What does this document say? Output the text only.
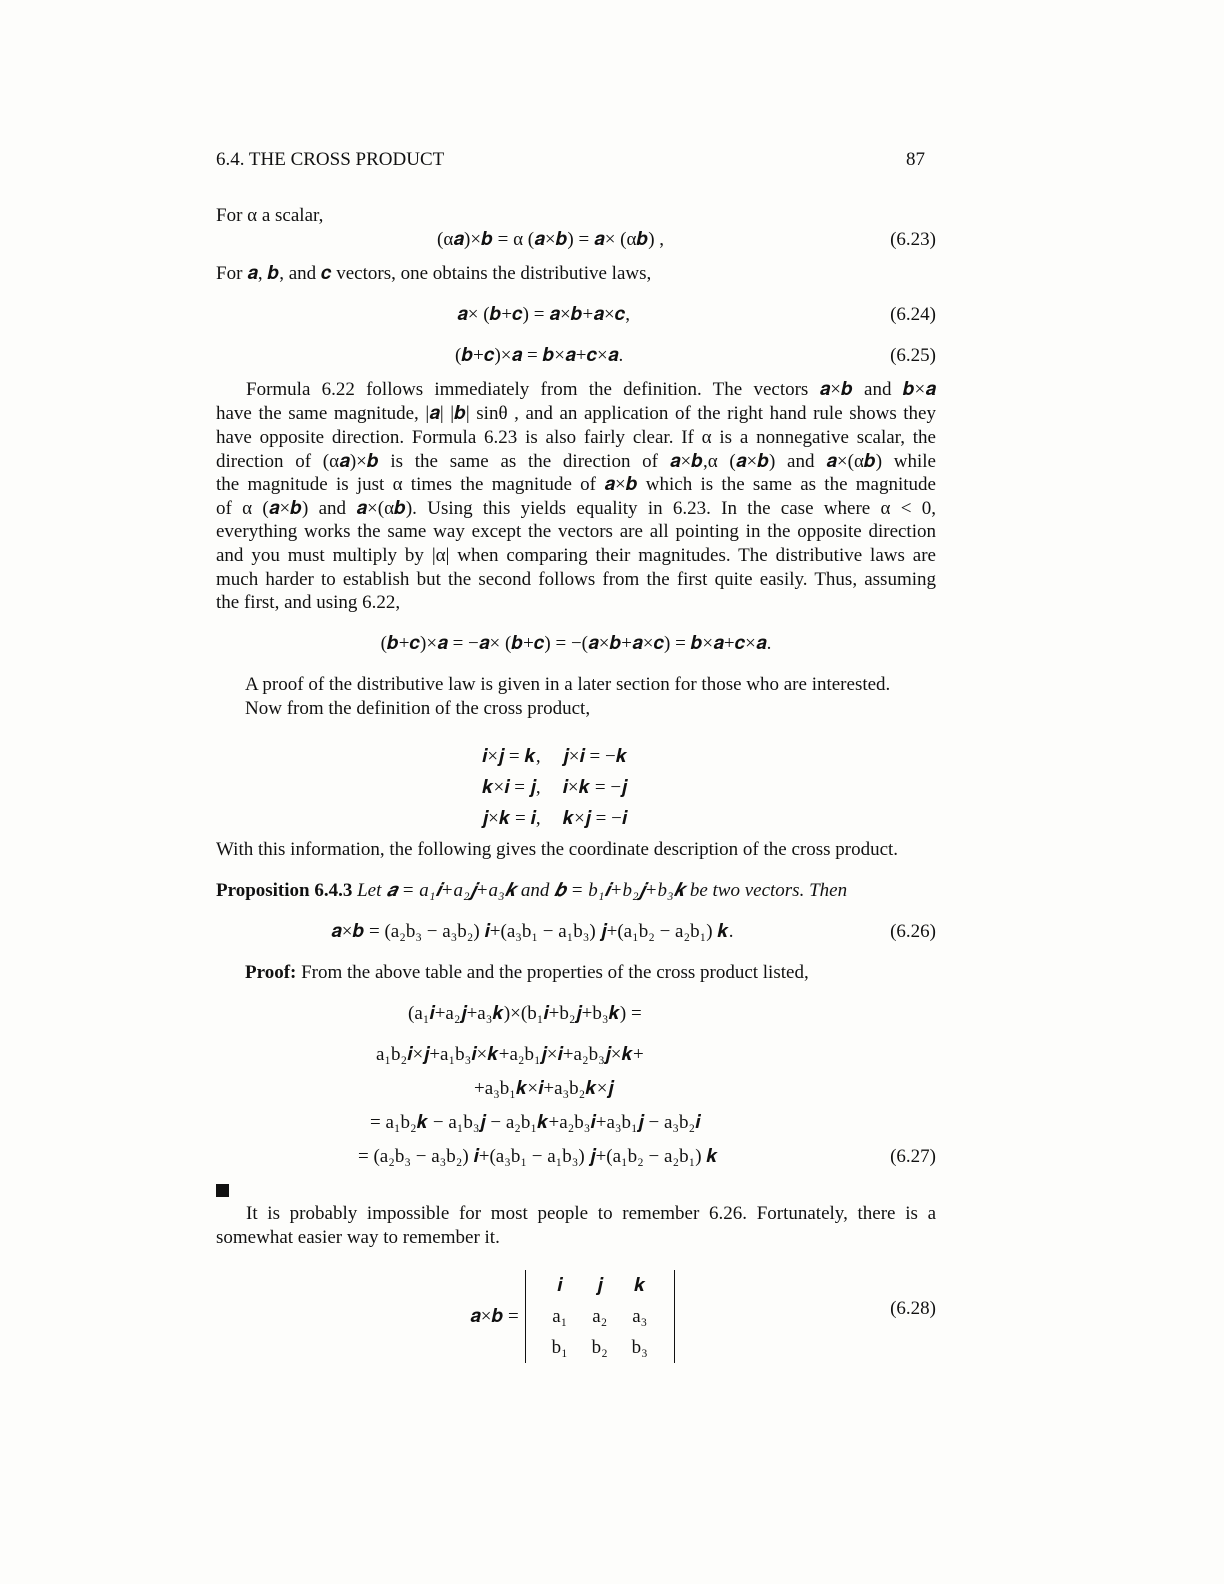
6.4. THE CROSS PRODUCT	87
For α a scalar,
(α𝒂)×𝒃 = α (𝒂×𝒃) = 𝒂× (α𝒃) ,	(6.23)
For 𝒂, 𝒃, and 𝒄 vectors, one obtains the distributive laws,
𝒂× (𝒃+𝒄) = 𝒂×𝒃+𝒂×𝒄,	(6.24)
(𝒃+𝒄)×𝒂 = 𝒃×𝒂+𝒄×𝒂.	(6.25)
Formula 6.22 follows immediately from the definition. The vectors 𝒂×𝒃 and 𝒃×𝒂
have the same magnitude, |𝒂| |𝒃| sinθ , and an application of the right hand rule shows they
have opposite direction. Formula 6.23 is also fairly clear. If α is a nonnegative scalar, the
direction of (α𝒂)×𝒃 is the same as the direction of 𝒂×𝒃,α (𝒂×𝒃) and 𝒂×(α𝒃) while
the magnitude is just α times the magnitude of 𝒂×𝒃 which is the same as the magnitude
of α (𝒂×𝒃) and 𝒂×(α𝒃). Using this yields equality in 6.23. In the case where α < 0,
everything works the same way except the vectors are all pointing in the opposite direction
and you must multiply by |α| when comparing their magnitudes. The distributive laws are
much harder to establish but the second follows from the first quite easily. Thus, assuming
the first, and using 6.22,
(𝒃+𝒄)×𝒂 = −𝒂× (𝒃+𝒄) = −(𝒂×𝒃+𝒂×𝒄) = 𝒃×𝒂+𝒄×𝒂.
A proof of the distributive law is given in a later section for those who are interested.
Now from the definition of the cross product,
𝒊×𝒋 = 𝒌,	𝒋×𝒊 = −𝒌
𝒌×𝒊 = 𝒋,	𝒊×𝒌 = −𝒋
𝒋×𝒌 = 𝒊,	𝒌×𝒋 = −𝒊
With this information, the following gives the coordinate description of the cross product.
Proposition 6.4.3 Let 𝒂 = a₁𝒊+a₂𝒋+a₃𝒌 and 𝒃 = b₁𝒊+b₂𝒋+b₃𝒌 be two vectors. Then
𝒂×𝒃 = (a₂b₃ − a₃b₂) 𝒊+(a₃b₁ − a₁b₃) 𝒋+(a₁b₂ − a₂b₁) 𝒌.	(6.26)
Proof: From the above table and the properties of the cross product listed,
(a₁𝒊+a₂𝒋+a₃𝒌)×(b₁𝒊+b₂𝒋+b₃𝒌) =
a₁b₂𝒊×𝒋+a₁b₃𝒊×𝒌+a₂b₁𝒋×𝒊+a₂b₃𝒋×𝒌+
+a₃b₁𝒌×𝒊+a₃b₂𝒌×𝒋
= a₁b₂𝒌 − a₁b₃𝒋 − a₂b₁𝒌+a₂b₃𝒊+a₃b₁𝒋 − a₃b₂𝒊
= (a₂b₃ − a₃b₂) 𝒊+(a₃b₁ − a₁b₃) 𝒋+(a₁b₂ − a₂b₁) 𝒌	(6.27)
It is probably impossible for most people to remember 6.26. Fortunately, there is a
somewhat easier way to remember it.
𝒂×𝒃 =
𝒊	𝒋	𝒌
a₁	a₂	a₃
b₁	b₂	b₃
(6.28)
